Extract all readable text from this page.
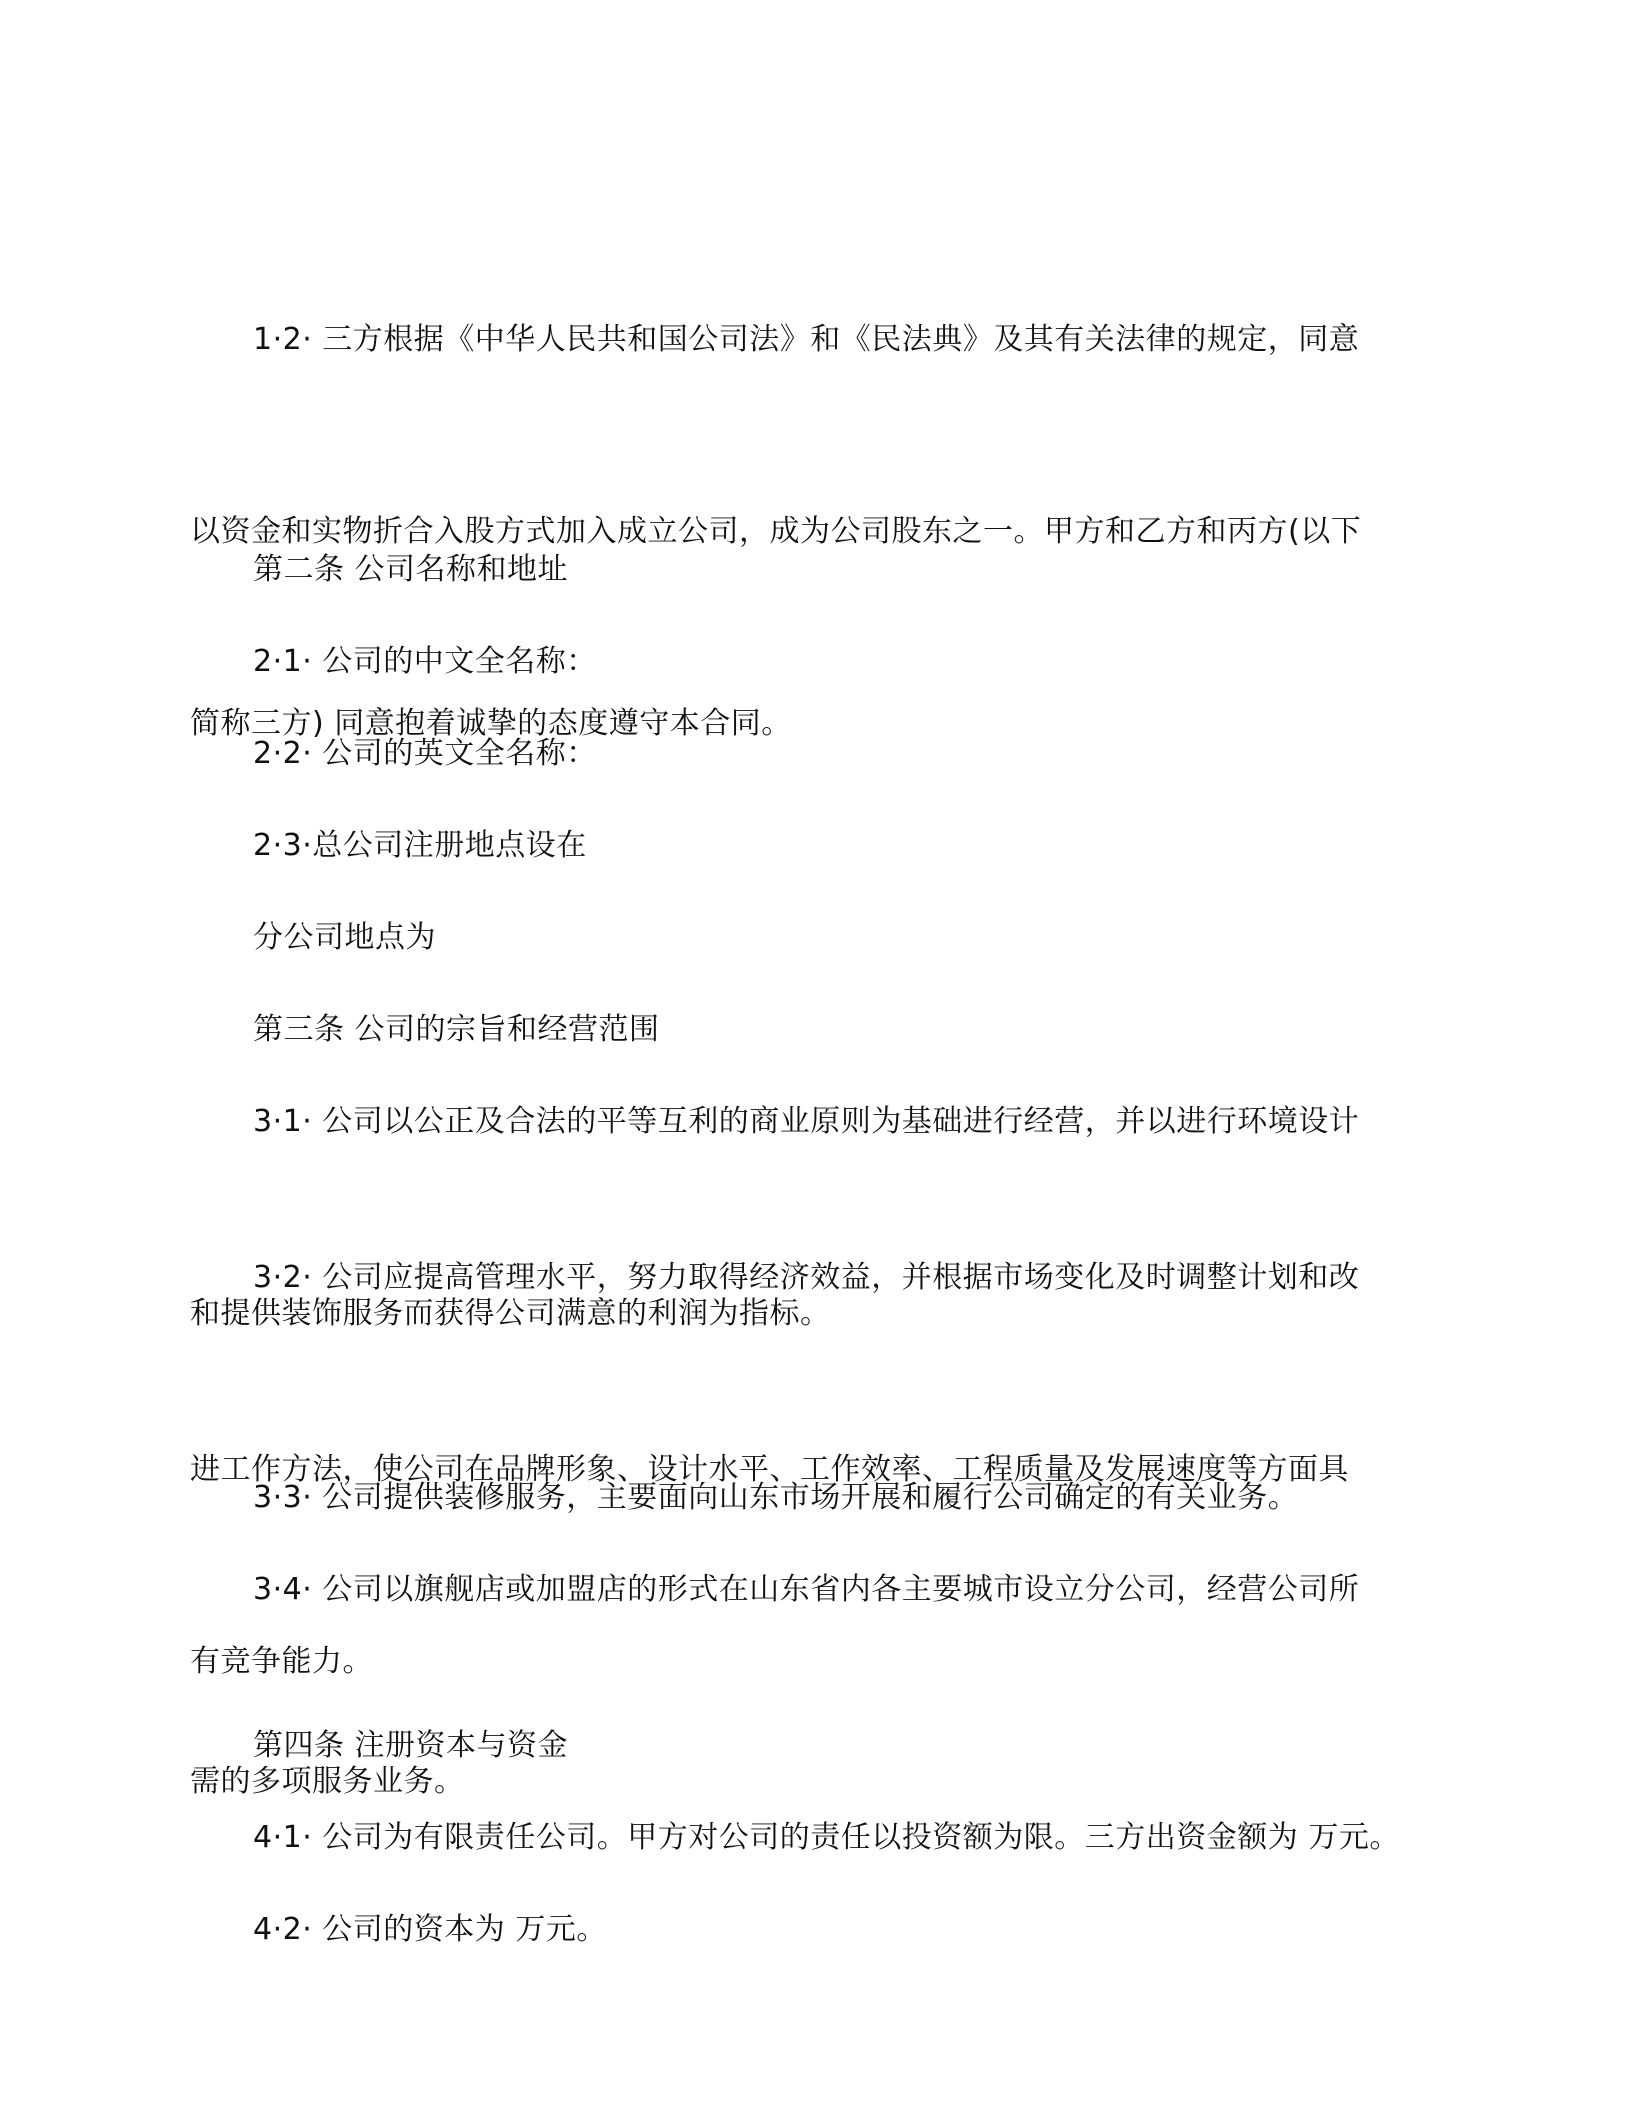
1·2· 三方根据《中华人民共和国公司法》和《民法典》及其有关法律的规定，同意

以资金和实物折合入股方式加入成立公司，成为公司股东之一。甲方和乙方和丙方(以下

简称三方) 同意抱着诚挚的态度遵守本合同。

第二条 公司名称和地址

2·1· 公司的中文全名称：

2·2· 公司的英文全名称：

2·3·总公司注册地点设在

分公司地点为

第三条 公司的宗旨和经营范围

3·1· 公司以公正及合法的平等互利的商业原则为基础进行经营，并以进行环境设计

和提供装饰服务而获得公司满意的利润为指标。

3·2· 公司应提高管理水平，努力取得经济效益，并根据市场变化及时调整计划和改

进工作方法，使公司在品牌形象、设计水平、工作效率、工程质量及发展速度等方面具

有竞争能力。

3·3· 公司提供装修服务，主要面向山东市场开展和履行公司确定的有关业务。

3·4· 公司以旗舰店或加盟店的形式在山东省内各主要城市设立分公司，经营公司所

需的多项服务业务。

第四条 注册资本与资金

4·1· 公司为有限责任公司。甲方对公司的责任以投资额为限。三方出资金额为 万元。

4·2· 公司的资本为 万元。
